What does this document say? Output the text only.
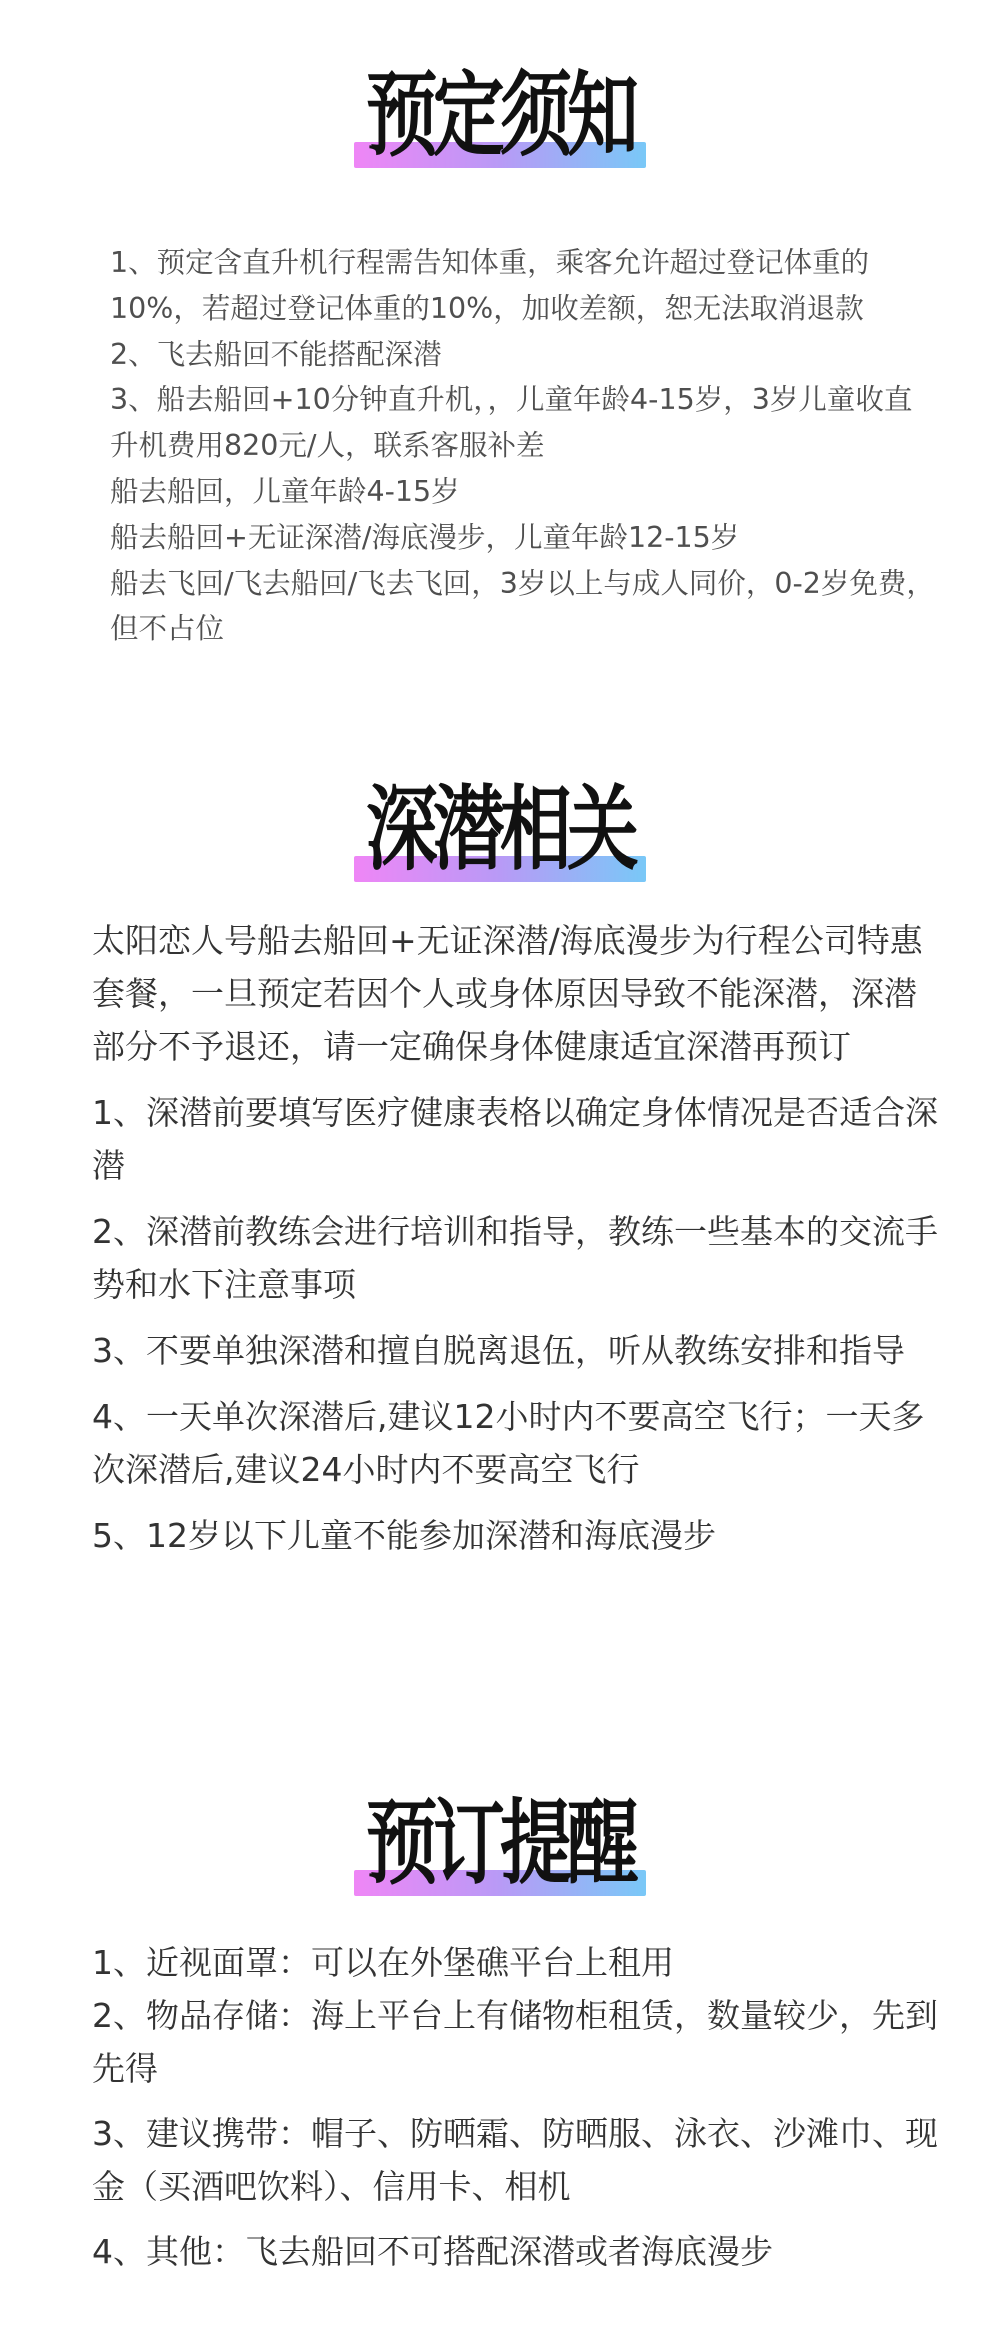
预定须知

1、预定含直升机行程需告知体重，乘客允许超过登记体重的10%，若超过登记体重的10%，加收差额，恕无法取消退款

2、飞去船回不能搭配深潜

3、船去船回+10分钟直升机，，儿童年龄4-15岁，3岁儿童收直升机费用820元/人，联系客服补差

船去船回，儿童年龄4-15岁

船去船回+无证深潜/海底漫步，儿童年龄12-15岁

船去飞回/飞去船回/飞去飞回，3岁以上与成人同价，0-2岁免费，但不占位

深潜相关

太阳恋人号船去船回+无证深潜/海底漫步为行程公司特惠套餐，一旦预定若因个人或身体原因导致不能深潜，深潜部分不予退还，请一定确保身体健康适宜深潜再预订

1、深潜前要填写医疗健康表格以确定身体情况是否适合深潜

2、深潜前教练会进行培训和指导，教练一些基本的交流手势和水下注意事项

3、不要单独深潜和擅自脱离退伍，听从教练安排和指导

4、一天单次深潜后,建议12小时内不要高空飞行；一天多次深潜后,建议24小时内不要高空飞行

5、12岁以下儿童不能参加深潜和海底漫步

预订提醒

1、近视面罩：可以在外堡礁平台上租用

2、物品存储：海上平台上有储物柜租赁，数量较少，先到先得

3、建议携带：帽子、防晒霜、防晒服、泳衣、沙滩巾、现金（买酒吧饮料）、信用卡、相机

4、其他：飞去船回不可搭配深潜或者海底漫步
